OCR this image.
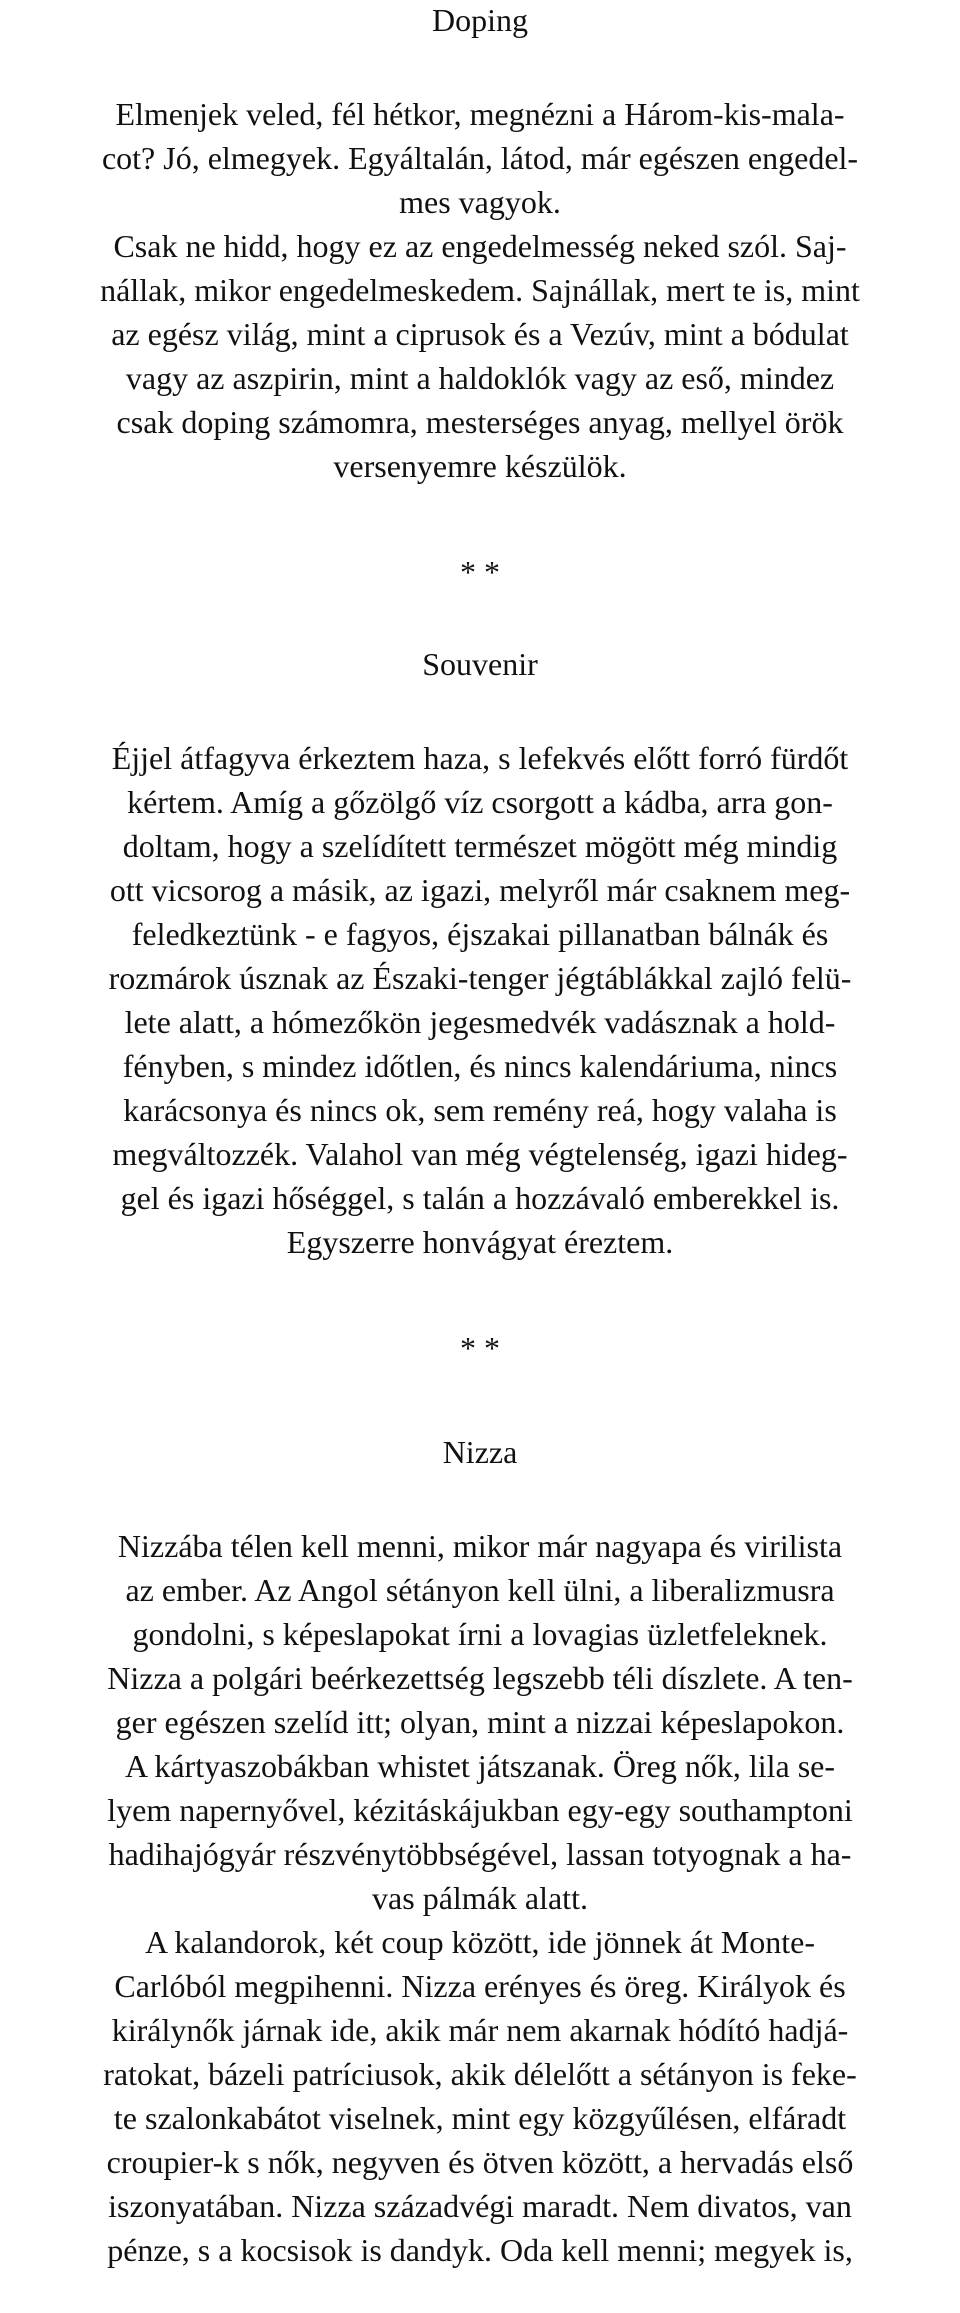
Doping

Elmenjek veled, fél hétkor, megnézni a Három-kis-mala-
cot? Jó, elmegyek. Egyáltalán, látod, már egészen engedel-
mes vagyok.
Csak ne hidd, hogy ez az engedelmesség neked szól. Saj-
nállak, mikor engedelmeskedem. Sajnállak, mert te is, mint
az egész világ, mint a ciprusok és a Vezúv, mint a bódulat
vagy az aszpirin, mint a haldoklók vagy az eső, mindez
csak doping számomra, mesterséges anyag, mellyel örök
versenyemre készülök.

* *
Souvenir

Éjjel átfagyva érkeztem haza, s lefekvés előtt forró fürdőt
kértem. Amíg a gőzölgő víz csorgott a kádba, arra gon-
doltam, hogy a szelídített természet mögött még mindig
ott vicsorog a másik, az igazi, melyről már csaknem meg-
feledkeztünk - e fagyos, éjszakai pillanatban bálnák és
rozmárok úsznak az Északi-tenger jégtáblákkal zajló felü-
lete alatt, a hómezőkön jegesmedvék vadásznak a hold-
fényben, s mindez időtlen, és nincs kalendáriuma, nincs
karácsonya és nincs ok, sem remény reá, hogy valaha is
megváltozzék. Valahol van még végtelenség, igazi hideg-
gel és igazi hőséggel, s talán a hozzávaló emberekkel is.
Egyszerre honvágyat éreztem.

* *
Nizza

Nizzába télen kell menni, mikor már nagyapa és virilista
az ember. Az Angol sétányon kell ülni, a liberalizmusra
gondolni, s képeslapokat írni a lovagias üzletfeleknek.
Nizza a polgári beérkezettség legszebb téli díszlete. A ten-
ger egészen szelíd itt; olyan, mint a nizzai képeslapokon.
A kártyaszobákban whistet játszanak. Öreg nők, lila se-
lyem napernyővel, kézitáskájukban egy-egy southamptoni
hadihajógyár részvénytöbbségével, lassan totyognak a ha-
vas pálmák alatt.
A kalandorok, két coup között, ide jönnek át Monte-
Carlóból megpihenni. Nizza erényes és öreg. Királyok és
királynők járnak ide, akik már nem akarnak hódító hadjá-
ratokat, bázeli patríciusok, akik délelőtt a sétányon is feke-
te szalonkabátot viselnek, mint egy közgyűlésen, elfáradt
croupier-k s nők, negyven és ötven között, a hervadás első
iszonyatában. Nizza századvégi maradt. Nem divatos, van
pénze, s a kocsisok is dandyk. Oda kell menni; megyek is,
